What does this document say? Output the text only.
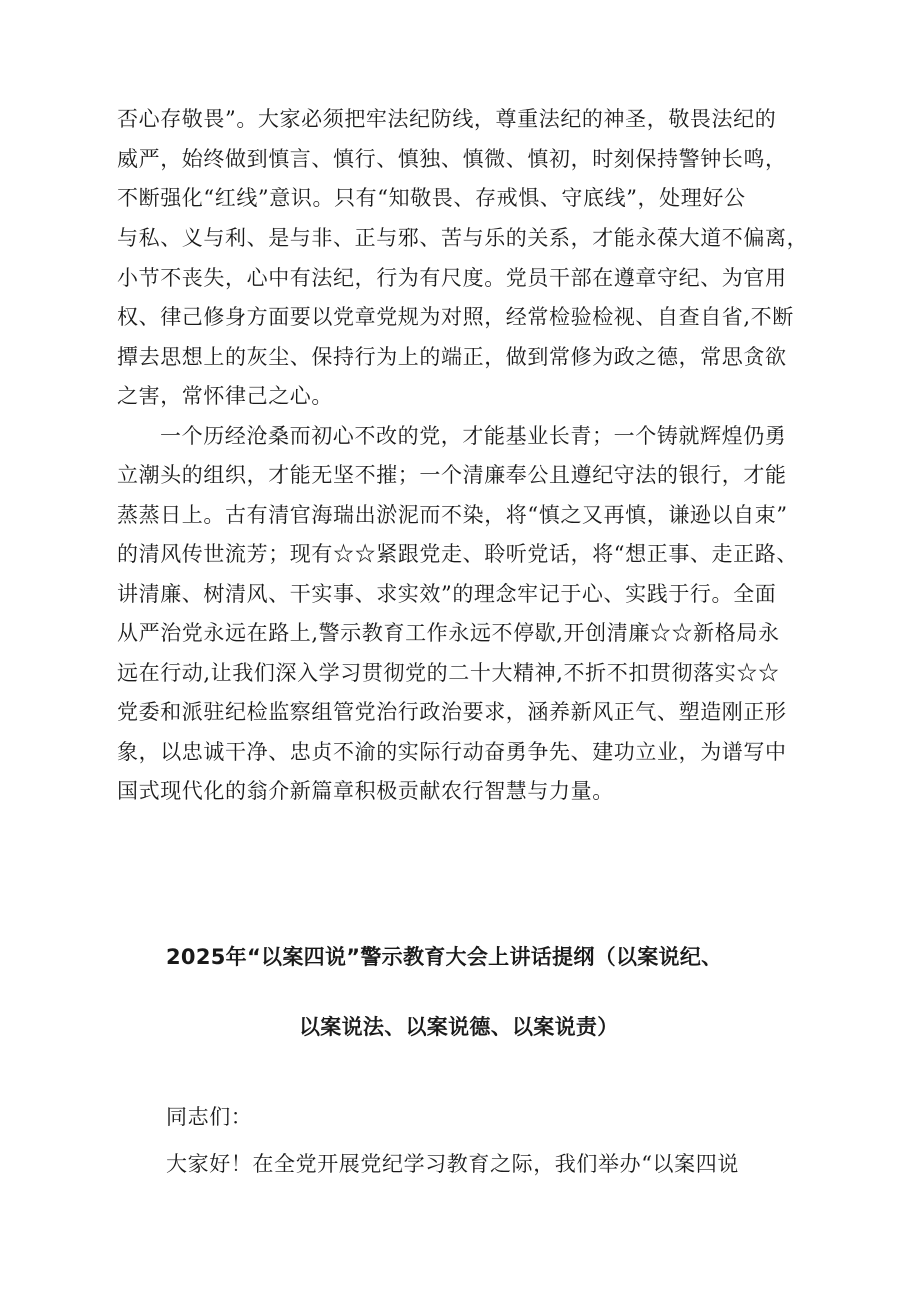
否心存敬畏”。大家必须把牢法纪防线，尊重法纪的神圣，敬畏法纪的
威严，始终做到慎言、慎行、慎独、慎微、慎初，时刻保持警钟长鸣，
不断强化“红线”意识。只有“知敬畏、存戒惧、守底线”，处理好公
与私、义与利、是与非、正与邪、苦与乐的关系，才能永葆大道不偏离，
小节不丧失，心中有法纪，行为有尺度。党员干部在遵章守纪、为官用
权、律己修身方面要以党章党规为对照，经常检验检视、自查自省,不断
撢去思想上的灰尘、保持行为上的端正，做到常修为政之德，常思贪欲
之害，常怀律己之心。
一个历经沧桑而初心不改的党，才能基业长青；一个铸就辉煌仍勇
立潮头的组织，才能无坚不摧；一个清廉奉公且遵纪守法的银行，才能
蒸蒸日上。古有清官海瑞出淤泥而不染，将“慎之又再慎，谦逊以自束”
的清风传世流芳；现有☆☆紧跟党走、聆听党话，将“想正事、走正路、
讲清廉、树清风、干实事、求实效”的理念牢记于心、实践于行。全面
从严治党永远在路上,警示教育工作永远不停歇,开创清廉☆☆新格局永
远在行动,让我们深入学习贯彻党的二十大精神,不折不扣贯彻落实☆☆
党委和派驻纪检监察组管党治行政治要求，涵养新风正气、塑造刚正形
象，以忠诚干净、忠贞不渝的实际行动奋勇争先、建功立业，为谱写中
国式现代化的翁介新篇章积极贡献农行智慧与力量。
2025年“以案四说”警示教育大会上讲话提纲（以案说纪、
以案说法、以案说德、以案说责）
同志们：
大家好！在全党开展党纪学习教育之际，我们举办“以案四说
